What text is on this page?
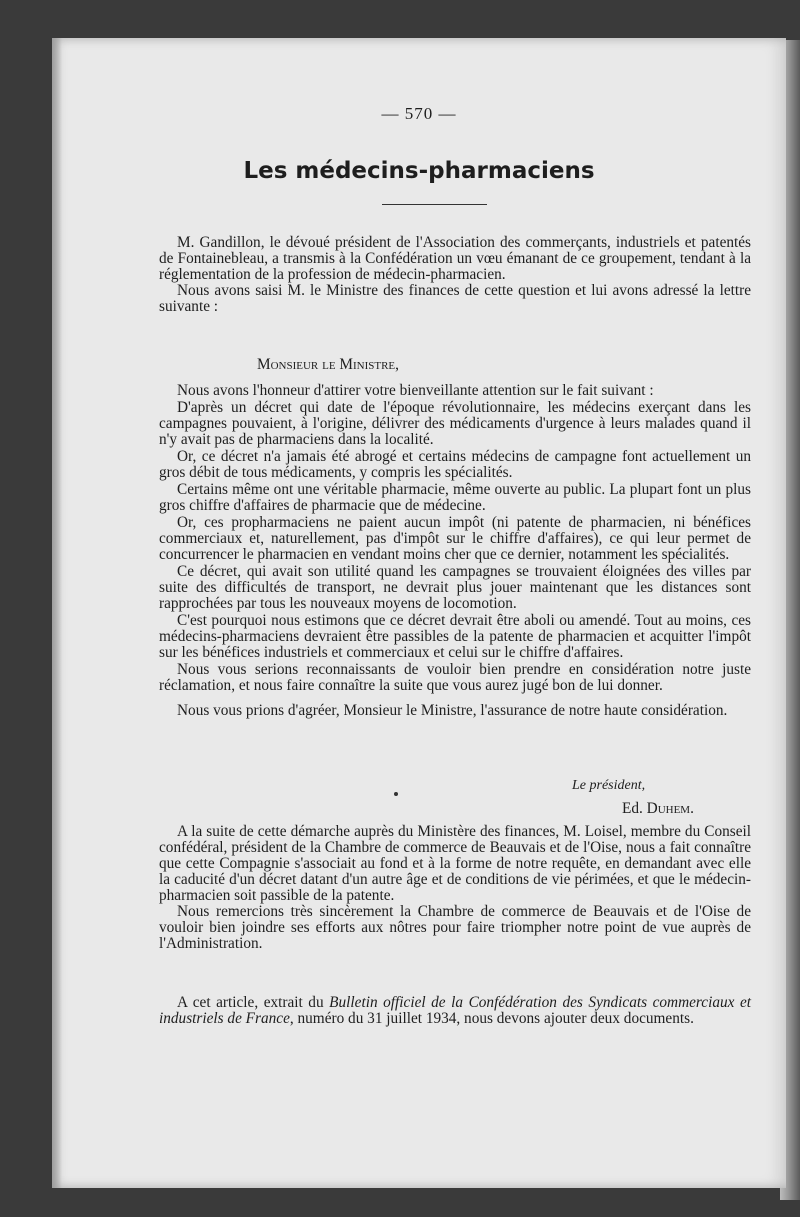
— 570 —
Les médecins-pharmaciens

M. Gandillon, le dévoué président de l'Association des commerçants, industriels et patentés de Fontainebleau, a transmis à la Confédération un vœu émanant de ce groupement, tendant à la réglementation de la profession de médecin-pharmacien.

Nous avons saisi M. le Ministre des finances de cette question et lui avons adressé la lettre suivante :

Monsieur le Ministre,

Nous avons l'honneur d'attirer votre bienveillante attention sur le fait suivant :

D'après un décret qui date de l'époque révolutionnaire, les médecins exerçant dans les campagnes pouvaient, à l'origine, délivrer des médicaments d'urgence à leurs malades quand il n'y avait pas de pharmaciens dans la localité.

Or, ce décret n'a jamais été abrogé et certains médecins de campagne font actuellement un gros débit de tous médicaments, y compris les spécialités.

Certains même ont une véritable pharmacie, même ouverte au public. La plupart font un plus gros chiffre d'affaires de pharmacie que de médecine.

Or, ces propharmaciens ne paient aucun impôt (ni patente de pharmacien, ni bénéfices commerciaux et, naturellement, pas d'impôt sur le chiffre d'affaires), ce qui leur permet de concurrencer le pharmacien en vendant moins cher que ce dernier, notamment les spécialités.

Ce décret, qui avait son utilité quand les campagnes se trouvaient éloignées des villes par suite des difficultés de transport, ne devrait plus jouer maintenant que les distances sont rapprochées par tous les nouveaux moyens de locomotion.

C'est pourquoi nous estimons que ce décret devrait être aboli ou amendé. Tout au moins, ces médecins-pharmaciens devraient être passibles de la patente de pharmacien et acquitter l'impôt sur les bénéfices industriels et commerciaux et celui sur le chiffre d'affaires.

Nous vous serions reconnaissants de vouloir bien prendre en considération notre juste réclamation, et nous faire connaître la suite que vous aurez jugé bon de lui donner.

Nous vous prions d'agréer, Monsieur le Ministre, l'assurance de notre haute considération.

Le président,
Ed. Duhem.

A la suite de cette démarche auprès du Ministère des finances, M. Loisel, membre du Conseil confédéral, président de la Chambre de commerce de Beauvais et de l'Oise, nous a fait connaître que cette Compagnie s'associait au fond et à la forme de notre requête, en demandant avec elle la caducité d'un décret datant d'un autre âge et de conditions de vie périmées, et que le médecin-pharmacien soit passible de la patente.

Nous remercions très sincèrement la Chambre de commerce de Beauvais et de l'Oise de vouloir bien joindre ses efforts aux nôtres pour faire triompher notre point de vue auprès de l'Administration.

A cet article, extrait du Bulletin officiel de la Confédération des Syndicats commerciaux et industriels de France, numéro du 31 juillet 1934, nous devons ajouter deux documents.
